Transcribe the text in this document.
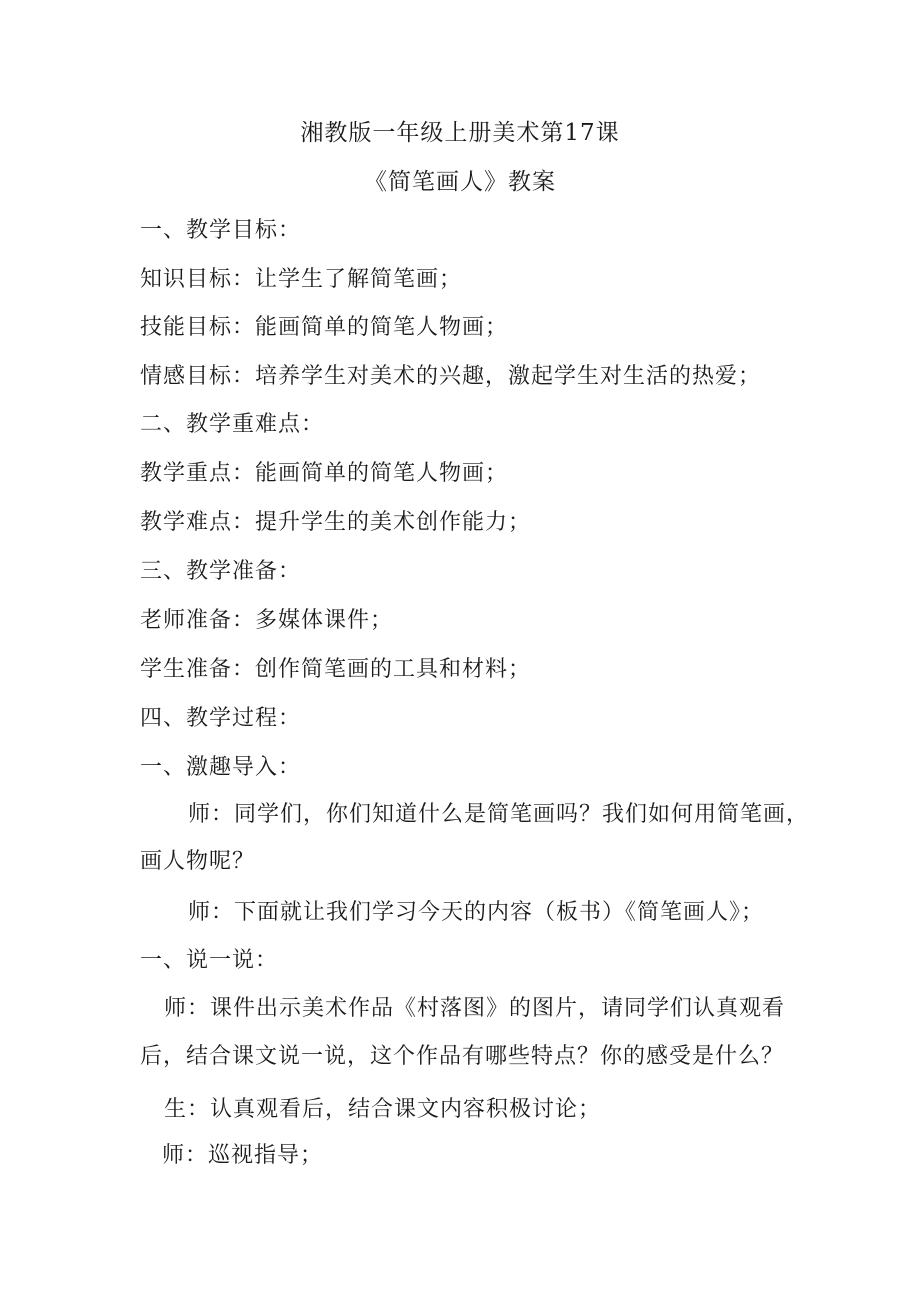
湘教版一年级上册美术第17课
《简笔画人》教案
一、教学目标：
知识目标：让学生了解简笔画；
技能目标：能画简单的简笔人物画；
情感目标：培养学生对美术的兴趣，激起学生对生活的热爱；
二、教学重难点：
教学重点：能画简单的简笔人物画；
教学难点：提升学生的美术创作能力；
三、教学准备：
老师准备：多媒体课件；
学生准备：创作简笔画的工具和材料；
四、教学过程：
一、激趣导入：
师：同学们，你们知道什么是简笔画吗？我们如何用简笔画，
画人物呢？
师：下面就让我们学习今天的内容（板书）《简笔画人》；
一、说一说：
师：课件出示美术作品《村落图》的图片，请同学们认真观看
后，结合课文说一说，这个作品有哪些特点？你的感受是什么？
生：认真观看后，结合课文内容积极讨论；
师：巡视指导；
